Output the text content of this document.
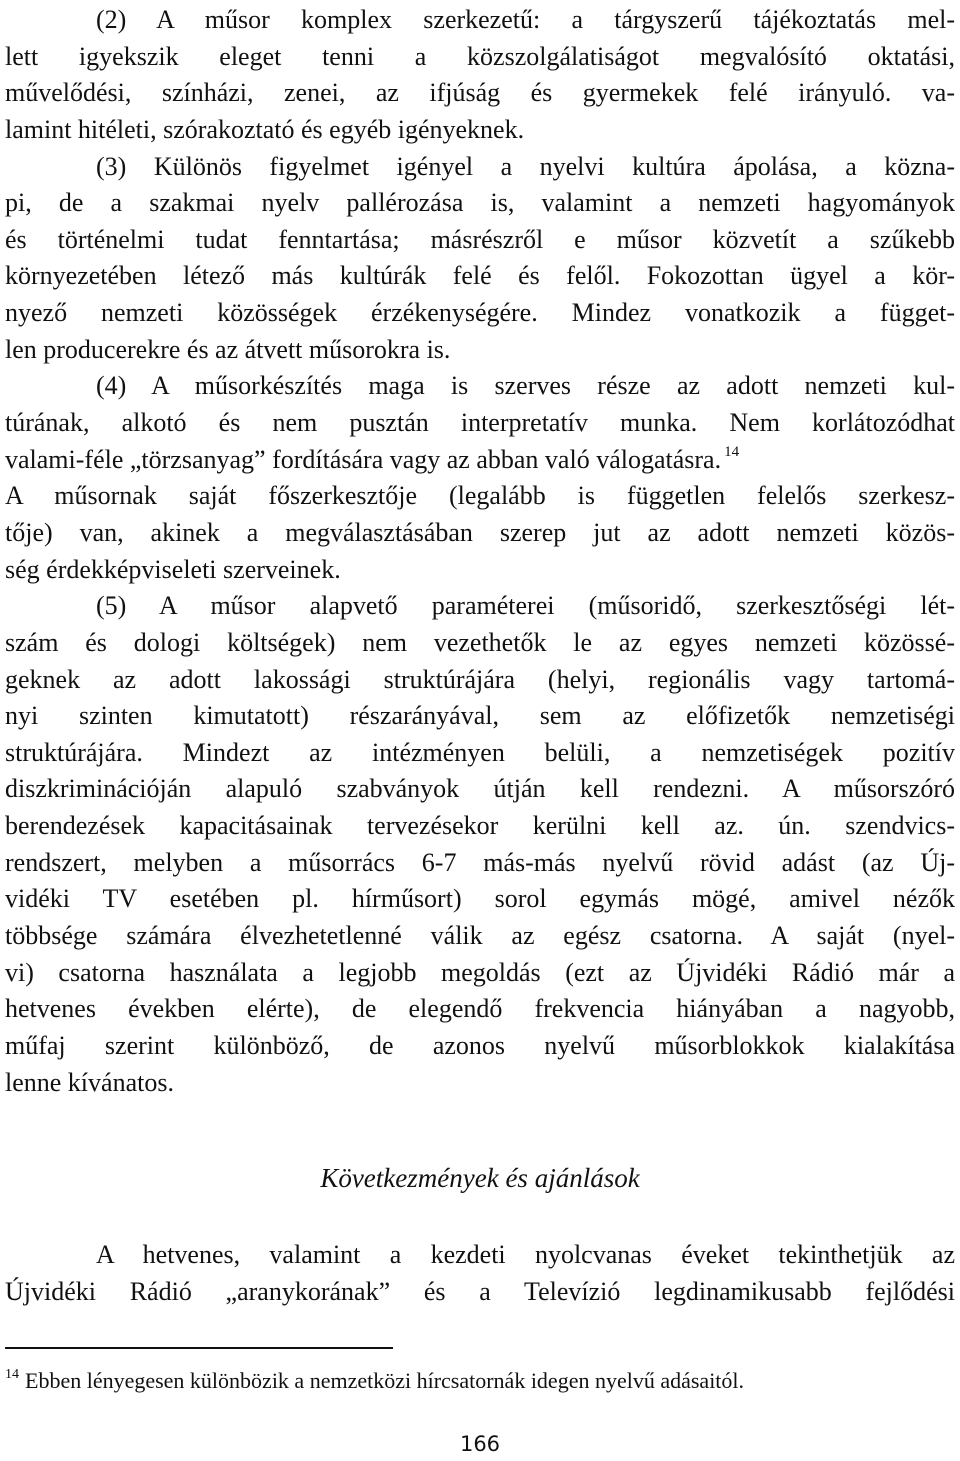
(2) A műsor komplex szerkezetű: a tárgyszerű tájékoztatás mel-
lett igyekszik eleget tenni a közszolgálatiságot megvalósító oktatási,
művelődési, színházi, zenei, az ifjúság és gyermekek felé irányuló. va-
lamint hitéleti, szórakoztató és egyéb igényeknek.
(3) Különös figyelmet igényel a nyelvi kultúra ápolása, a közna-
pi, de a szakmai nyelv pallérozása is, valamint a nemzeti hagyományok
és történelmi tudat fenntartása; másrészről e műsor közvetít a szűkebb
környezetében létező más kultúrák felé és felől. Fokozottan ügyel a kör-
nyező nemzeti közösségek érzékenységére. Mindez vonatkozik a függet-
len producerekre és az átvett műsorokra is.
(4) A műsorkészítés maga is szerves része az adott nemzeti kul-
túrának, alkotó és nem pusztán interpretatív munka. Nem korlátozódhat
valami-féle „törzsanyag” fordítására vagy az abban való válogatásra. $^{14}$
A műsornak saját főszerkesztője (legalább is független felelős szerkesz-
tője) van, akinek a megválasztásában szerep jut az adott nemzeti közös-
ség érdekképviseleti szerveinek.
(5) A műsor alapvető paraméterei (műsoridő, szerkesztőségi lét-
szám és dologi költségek) nem vezethetők le az egyes nemzeti közössé-
geknek az adott lakossági struktúrájára (helyi, regionális vagy tartomá-
nyi szinten kimutatott) részarányával, sem az előfizetők nemzetiségi
struktúrájára. Mindezt az intézményen belüli, a nemzetiségek pozitív
diszkriminációján alapuló szabványok útján kell rendezni. A műsorszóró
berendezések kapacitásainak tervezésekor kerülni kell az. ún. szendvics-
rendszert, melyben a műsorrács 6-7 más-más nyelvű rövid adást (az Új-
vidéki TV esetében pl. hírműsort) sorol egymás mögé, amivel nézők
többsége számára élvezhetetlenné válik az egész csatorna. A saját (nyel-
vi) csatorna használata a legjobb megoldás (ezt az Újvidéki Rádió már a
hetvenes években elérte), de elegendő frekvencia hiányában a nagyobb,
műfaj szerint különböző, de azonos nyelvű műsorblokkok kialakítása
lenne kívánatos.
Következmények és ajánlások
A hetvenes, valamint a kezdeti nyolcvanas éveket tekinthetjük az
Újvidéki Rádió „aranykorának” és a Televízió legdinamikusabb fejlődési
$^{14}$ Ebben lényegesen különbözik a nemzetközi hírcsatornák idegen nyelvű adásaitól.
166
